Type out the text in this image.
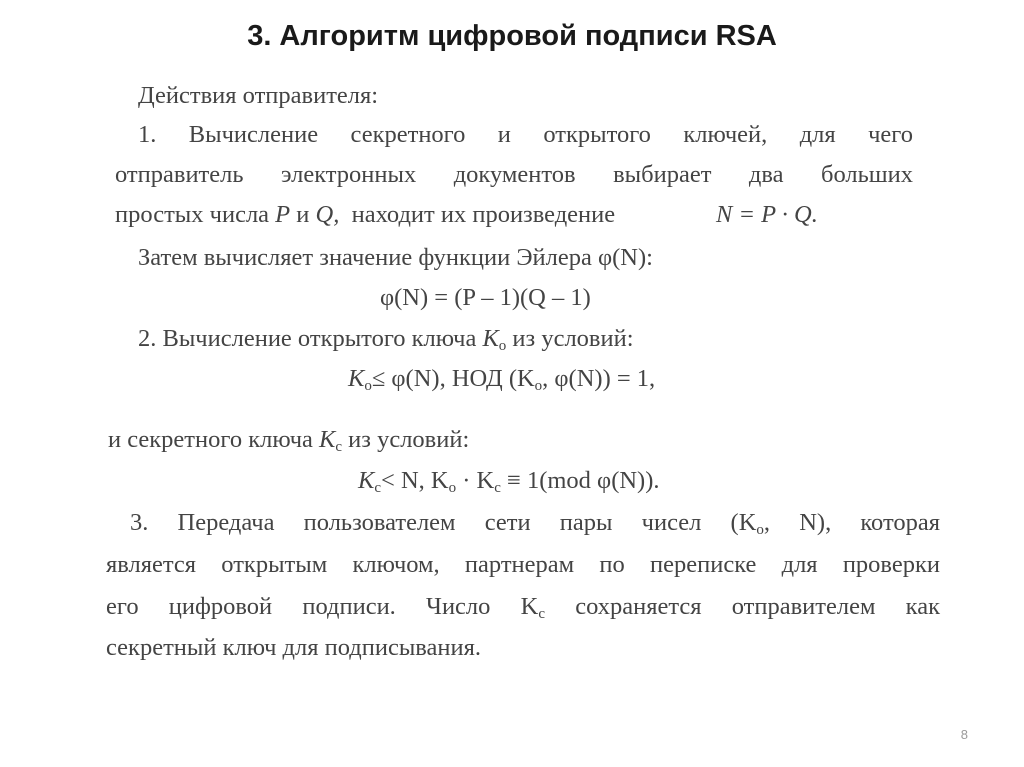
3. Алгоритм цифровой подписи RSA
Действия отправителя:
1. Вычисление секретного и открытого ключей, для чего
отправитель электронных документов выбирает два больших
простых числа P и Q, находит их произведение	N = P · Q.
Затем вычисляет значение функции Эйлера φ(N):
φ(N) = (P – 1)(Q – 1)
2. Вычисление открытого ключа $K_о$ из условий:
$K_о\le \varphi(N)$, НОД ($K_о$, φ(N)) = 1,
и секретного ключа $K_с$ из условий:
$K_с< N$, $K_о \cdot K_с \equiv 1(mod$ φ(N)).
3. Передача пользователем сети пары чисел ($K_о$, N), которая
является открытым ключом, партнерам по переписке для проверки
его цифровой подписи. Число $K_с$ сохраняется отправителем как
секретный ключ для подписывания.
8
